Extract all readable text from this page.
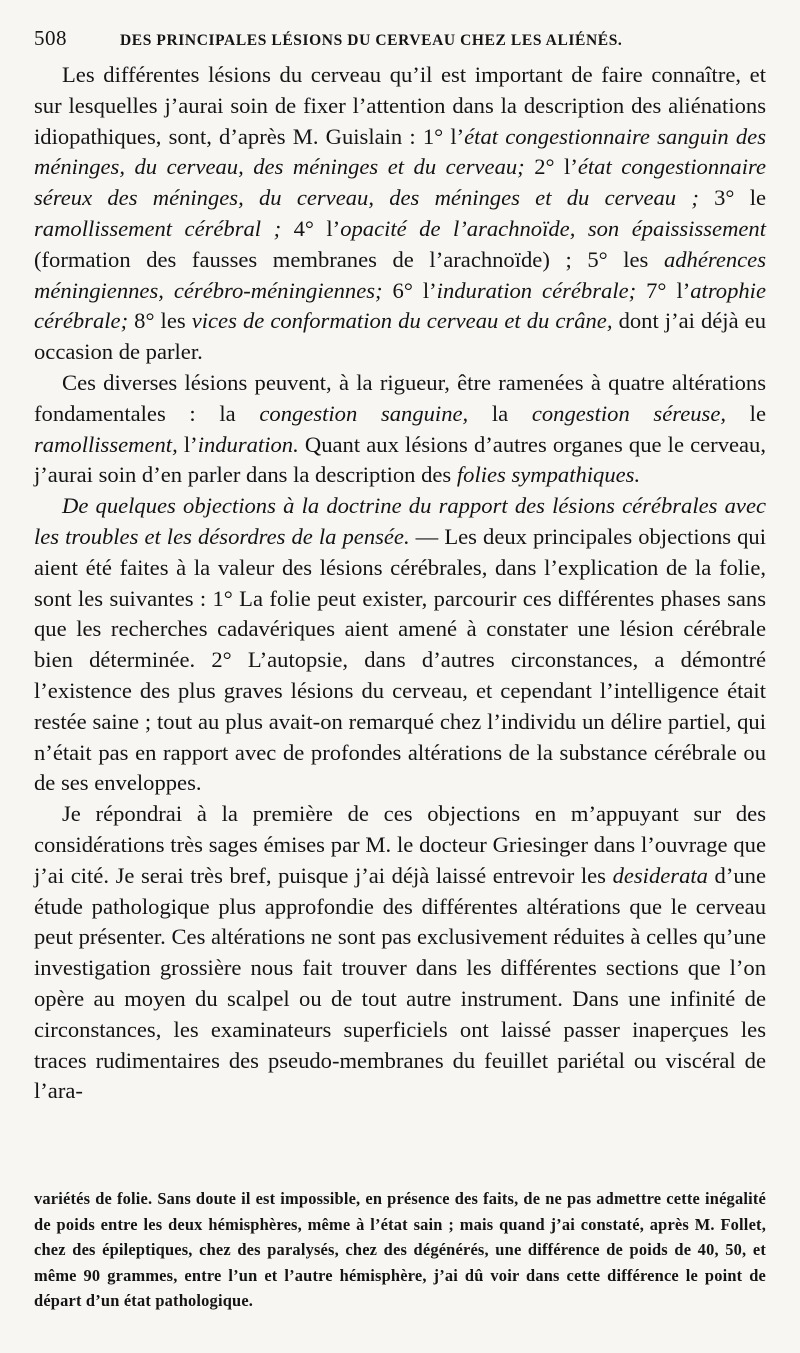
508	DES PRINCIPALES LÉSIONS DU CERVEAU CHEZ LES ALIÉNÉS.

Les différentes lésions du cerveau qu’il est important de faire connaître, et sur lesquelles j’aurai soin de fixer l’attention dans la description des aliénations idiopathiques, sont, d’après M. Guislain : 1° l’état congestionnaire sanguin des méninges, du cerveau, des méninges et du cerveau; 2° l’état congestionnaire séreux des méninges, du cerveau, des méninges et du cerveau ; 3° le ramollissement cérébral ; 4° l’opacité de l’arachnoïde, son épaississement (formation des fausses membranes de l’arachnoïde) ; 5° les adhérences méningiennes, cérébro-méningiennes; 6° l’induration cérébrale; 7° l’atrophie cérébrale; 8° les vices de conformation du cerveau et du crâne, dont j’ai déjà eu occasion de parler.

Ces diverses lésions peuvent, à la rigueur, être ramenées à quatre altérations fondamentales : la congestion sanguine, la congestion séreuse, le ramollissement, l’induration. Quant aux lésions d’autres organes que le cerveau, j’aurai soin d’en parler dans la description des folies sympathiques.

De quelques objections à la doctrine du rapport des lésions cérébrales avec les troubles et les désordres de la pensée. — Les deux principales objections qui aient été faites à la valeur des lésions cérébrales, dans l’explication de la folie, sont les suivantes : 1° La folie peut exister, parcourir ces différentes phases sans que les recherches cadavériques aient amené à constater une lésion cérébrale bien déterminée. 2° L’autopsie, dans d’autres circonstances, a démontré l’existence des plus graves lésions du cerveau, et cependant l’intelligence était restée saine ; tout au plus avait-on remarqué chez l’individu un délire partiel, qui n’était pas en rapport avec de profondes altérations de la substance cérébrale ou de ses enveloppes.

Je répondrai à la première de ces objections en m’appuyant sur des considérations très sages émises par M. le docteur Griesinger dans l’ouvrage que j’ai cité. Je serai très bref, puisque j’ai déjà laissé entrevoir les desiderata d’une étude pathologique plus approfondie des différentes altérations que le cerveau peut présenter. Ces altérations ne sont pas exclusivement réduites à celles qu’une investigation grossière nous fait trouver dans les différentes sections que l’on opère au moyen du scalpel ou de tout autre instrument. Dans une infinité de circonstances, les examinateurs superficiels ont laissé passer inaperçues les traces rudimentaires des pseudo-membranes du feuillet pariétal ou viscéral de l’ara-

variétés de folie. Sans doute il est impossible, en présence des faits, de ne pas admettre cette inégalité de poids entre les deux hémisphères, même à l’état sain ; mais quand j’ai constaté, après M. Follet, chez des épileptiques, chez des paralysés, chez des dégénérés, une différence de poids de 40, 50, et même 90 grammes, entre l’un et l’autre hémisphère, j’ai dû voir dans cette différence le point de départ d’un état pathologique.
